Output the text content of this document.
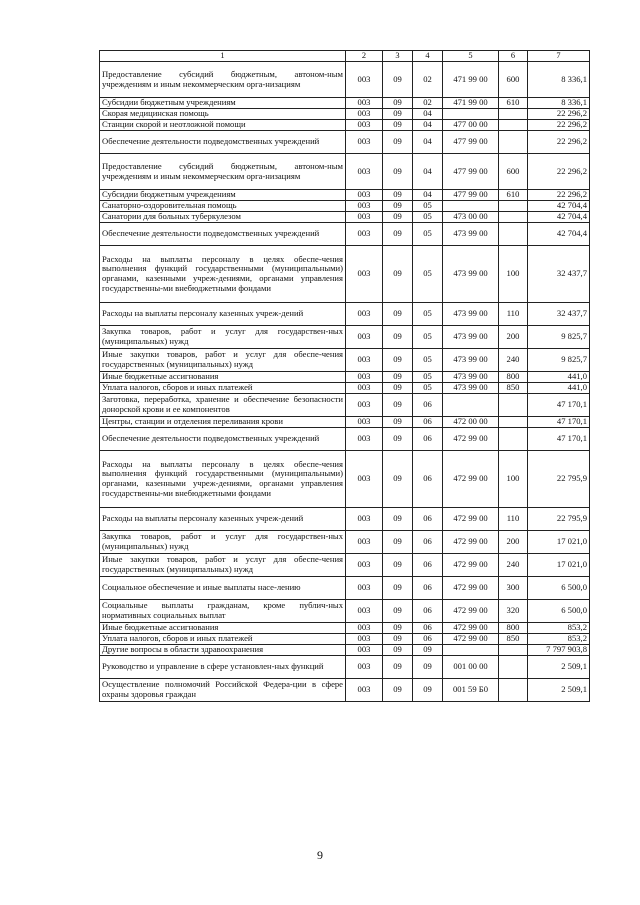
1	2	3	4	5	6	7
Предоставление субсидий бюджетным, автоном-ным учреждениям и иным некоммерческим орга-низациям	003	09	02	471 99 00	600	8 336,1
Субсидии бюджетным учреждениям	003	09	02	471 99 00	610	8 336,1
Скорая медицинская помощь	003	09	04			22 296,2
Станции скорой и неотложной помощи	003	09	04	477 00 00		22 296,2
Обеспечение деятельности подведомственных учреждений	003	09	04	477 99 00		22 296,2
Предоставление субсидий бюджетным, автоном-ным учреждениям и иным некоммерческим орга-низациям	003	09	04	477 99 00	600	22 296,2
Субсидии бюджетным учреждениям	003	09	04	477 99 00	610	22 296,2
Санаторно-оздоровительная помощь	003	09	05			42 704,4
Санатории для больных туберкулезом	003	09	05	473 00 00		42 704,4
Обеспечение деятельности подведомственных учреждений	003	09	05	473 99 00		42 704,4
Расходы на выплаты персоналу в целях обеспе-чения выполнения функций государственными (муниципальными) органами, казенными учреж-дениями, органами управления государственны-ми внебюджетными фондами	003	09	05	473 99 00	100	32 437,7
Расходы на выплаты персоналу казенных учреж-дений	003	09	05	473 99 00	110	32 437,7
Закупка товаров, работ и услуг для государствен-ных (муниципальных) нужд	003	09	05	473 99 00	200	9 825,7
Иные закупки товаров, работ и услуг для обеспе-чения государственных (муниципальных) нужд	003	09	05	473 99 00	240	9 825,7
Иные бюджетные ассигнования	003	09	05	473 99 00	800	441,0
Уплата налогов, сборов и иных платежей	003	09	05	473 99 00	850	441,0
Заготовка, переработка, хранение и обеспечение безопасности донорской крови и ее компонентов	003	09	06			47 170,1
Центры, станции и отделения переливания крови	003	09	06	472 00 00		47 170,1
Обеспечение деятельности подведомственных учреждений	003	09	06	472 99 00		47 170,1
Расходы на выплаты персоналу в целях обеспе-чения выполнения функций государственными (муниципальными) органами, казенными учреж-дениями, органами управления государственны-ми внебюджетными фондами	003	09	06	472 99 00	100	22 795,9
Расходы на выплаты персоналу казенных учреж-дений	003	09	06	472 99 00	110	22 795,9
Закупка товаров, работ и услуг для государствен-ных (муниципальных) нужд	003	09	06	472 99 00	200	17 021,0
Иные закупки товаров, работ и услуг для обеспе-чения государственных (муниципальных) нужд	003	09	06	472 99 00	240	17 021,0
Социальное обеспечение и иные выплаты насе-лению	003	09	06	472 99 00	300	6 500,0
Социальные выплаты гражданам, кроме публич-ных нормативных социальных выплат	003	09	06	472 99 00	320	6 500,0
Иные бюджетные ассигнования	003	09	06	472 99 00	800	853,2
Уплата налогов, сборов и иных платежей	003	09	06	472 99 00	850	853,2
Другие вопросы в области здравоохранения	003	09	09			7 797 903,8
Руководство и управление в сфере установлен-ных функций	003	09	09	001 00 00		2 509,1
Осуществление полномочий Российской Федера-ции в сфере охраны здоровья граждан	003	09	09	001 59 Б0		2 509,1
9
